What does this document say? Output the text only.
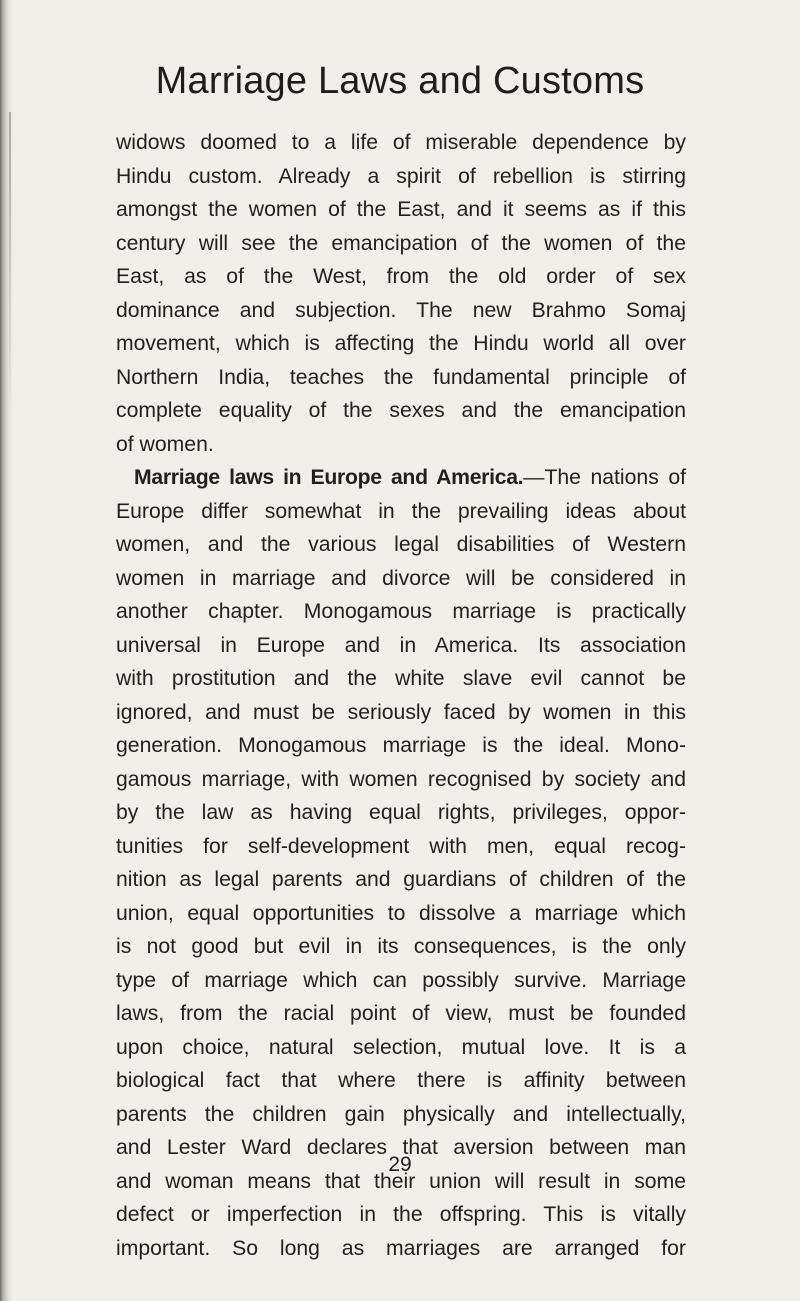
Marriage Laws and Customs
widows doomed to a life of miserable dependence by
Hindu custom. Already a spirit of rebellion is stirring
amongst the women of the East, and it seems as if this
century will see the emancipation of the women of the
East, as of the West, from the old order of sex
dominance and subjection. The new Brahmo Somaj
movement, which is affecting the Hindu world all over
Northern India, teaches the fundamental principle of
complete equality of the sexes and the emancipation
of women.
Marriage laws in Europe and America.—The nations of
Europe differ somewhat in the prevailing ideas about
women, and the various legal disabilities of Western
women in marriage and divorce will be considered in
another chapter. Monogamous marriage is practically
universal in Europe and in America. Its association
with prostitution and the white slave evil cannot be
ignored, and must be seriously faced by women in this
generation. Monogamous marriage is the ideal. Mono-
gamous marriage, with women recognised by society and
by the law as having equal rights, privileges, oppor-
tunities for self-development with men, equal recog-
nition as legal parents and guardians of children of the
union, equal opportunities to dissolve a marriage which
is not good but evil in its consequences, is the only
type of marriage which can possibly survive. Marriage
laws, from the racial point of view, must be founded
upon choice, natural selection, mutual love. It is a
biological fact that where there is affinity between
parents the children gain physically and intellectually,
and Lester Ward declares that aversion between man
and woman means that their union will result in some
defect or imperfection in the offspring. This is vitally
important. So long as marriages are arranged for
29
